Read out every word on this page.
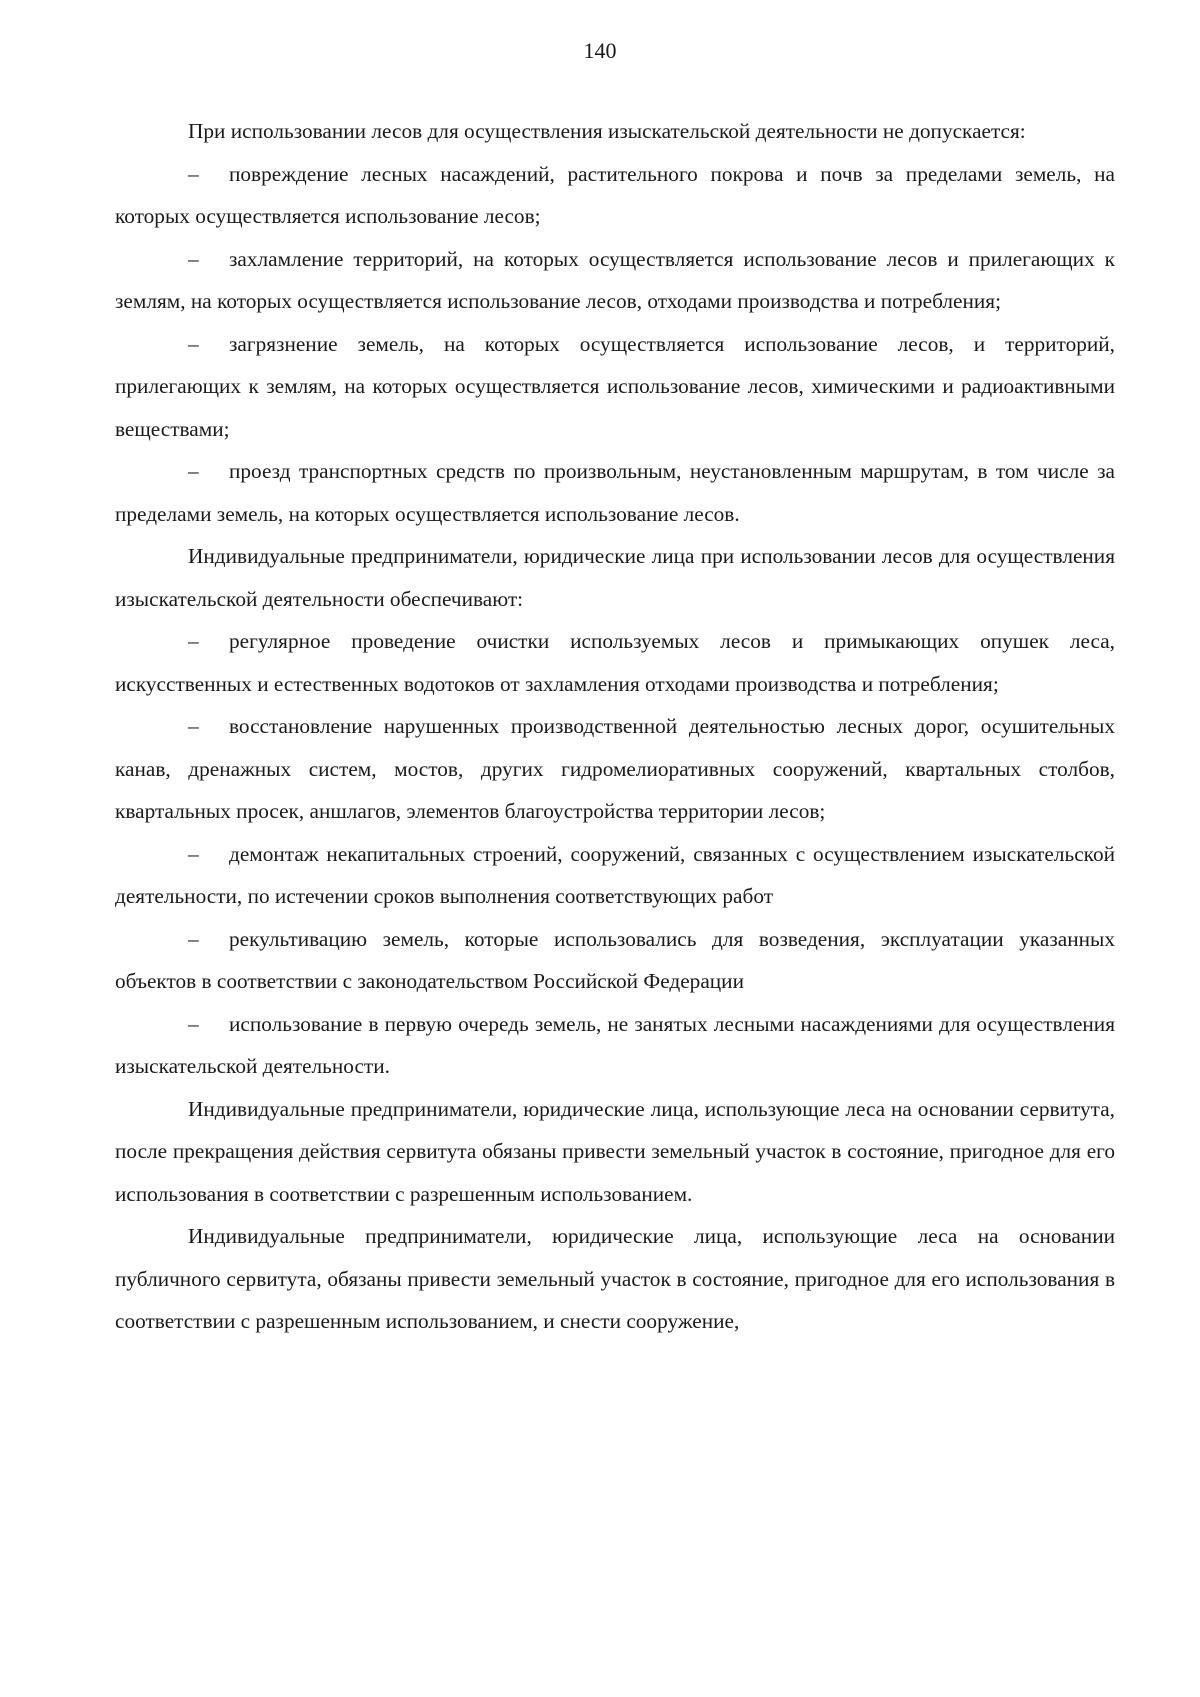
140

При использовании лесов для осуществления изыскательской деятельности не допускается:

– повреждение лесных насаждений, растительного покрова и почв за пределами земель, на которых осуществляется использование лесов;

– захламление территорий, на которых осуществляется использование лесов и прилегающих к землям, на которых осуществляется использование лесов, отходами производства и потребления;

– загрязнение земель, на которых осуществляется использование лесов, и территорий, прилегающих к землям, на которых осуществляется использование лесов, химическими и радиоактивными веществами;

– проезд транспортных средств по произвольным, неустановленным маршрутам, в том числе за пределами земель, на которых осуществляется использование лесов.

Индивидуальные предприниматели, юридические лица при использовании лесов для осуществления изыскательской деятельности обеспечивают:

– регулярное проведение очистки используемых лесов и примыкающих опушек леса, искусственных и естественных водотоков от захламления отходами производства и потребления;

– восстановление нарушенных производственной деятельностью лесных дорог, осушительных канав, дренажных систем, мостов, других гидромелиоративных сооружений, квартальных столбов, квартальных просек, аншлагов, элементов благоустройства территории лесов;

– демонтаж некапитальных строений, сооружений, связанных с осуществлением изыскательской деятельности, по истечении сроков выполнения соответствующих работ

– рекультивацию земель, которые использовались для возведения, эксплуатации указанных объектов в соответствии с законодательством Российской Федерации

– использование в первую очередь земель, не занятых лесными насаждениями для осуществления изыскательской деятельности.

Индивидуальные предприниматели, юридические лица, использующие леса на основании сервитута, после прекращения действия сервитута обязаны привести земельный участок в состояние, пригодное для его использования в соответствии с разрешенным использованием.

Индивидуальные предприниматели, юридические лица, использующие леса на основании публичного сервитута, обязаны привести земельный участок в состояние, пригодное для его использования в соответствии с разрешенным использованием, и снести сооружение,
